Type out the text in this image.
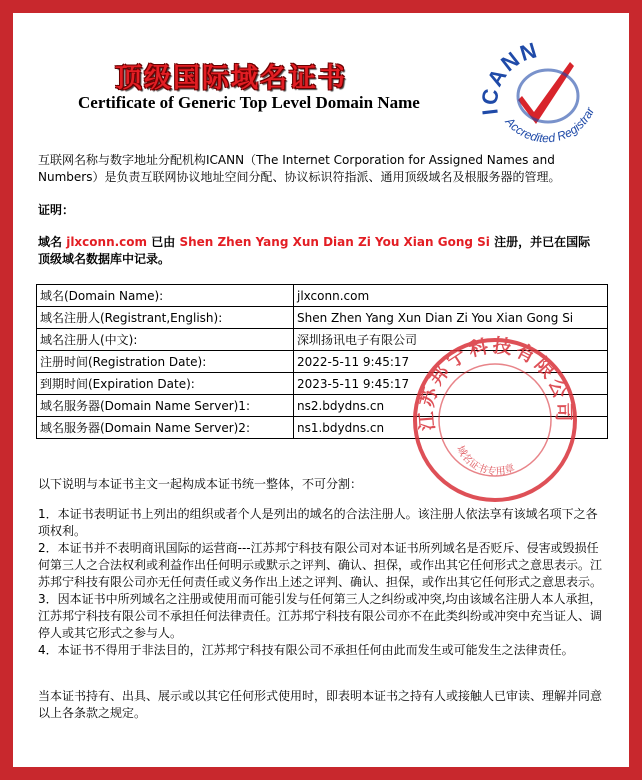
顶级国际域名证书
Certificate of Generic Top Level Domain Name	ICANN
Accredited Registrar
互联网名称与数字地址分配机构ICANN（The Internet Corporation for Assigned Names and Numbers）是负责互联网协议地址空间分配、协议标识符指派、通用顶级域名及根服务器的管理。
证明：
域名 jlxconn.com 已由 Shen Zhen Yang Xun Dian Zi You Xian Gong Si 注册，并已在国际顶级域名数据库中记录。
域名(Domain Name):	jlxconn.com
域名注册人(Registrant,English):	Shen Zhen Yang Xun Dian Zi You Xian Gong Si
域名注册人(中文):	深圳扬讯电子有限公司
注册时间(Registration Date):	2022-5-11 9:45:17
到期时间(Expiration Date):	2023-5-11 9:45:17
域名服务器(Domain Name Server)1:	ns2.bdydns.cn
域名服务器(Domain Name Server)2:	ns1.bdydns.cn 江苏邦宁科技有限公司
域名证书专用章
以下说明与本证书主文一起构成本证书统一整体，不可分割：

1．本证书表明证书上列出的组织或者个人是列出的域名的合法注册人。该注册人依法享有该域名项下之各项权利。

2．本证书并不表明商讯国际的运营商---江苏邦宁科技有限公司对本证书所列域名是否贬斥、侵害或毁损任何第三人之合法权利或利益作出任何明示或默示之评判、确认、担保，或作出其它任何形式之意思表示。江苏邦宁科技有限公司亦无任何责任或义务作出上述之评判、确认、担保，或作出其它任何形式之意思表示。

3．因本证书中所列域名之注册或使用而可能引发与任何第三人之纠纷或冲突,均由该域名注册人本人承担，江苏邦宁科技有限公司不承担任何法律责任。江苏邦宁科技有限公司亦不在此类纠纷或冲突中充当证人、调停人或其它形式之参与人。

4．本证书不得用于非法目的，江苏邦宁科技有限公司不承担任何由此而发生或可能发生之法律责任。

当本证书持有、出具、展示或以其它任何形式使用时，即表明本证书之持有人或接触人已审读、理解并同意以上各条款之规定。
